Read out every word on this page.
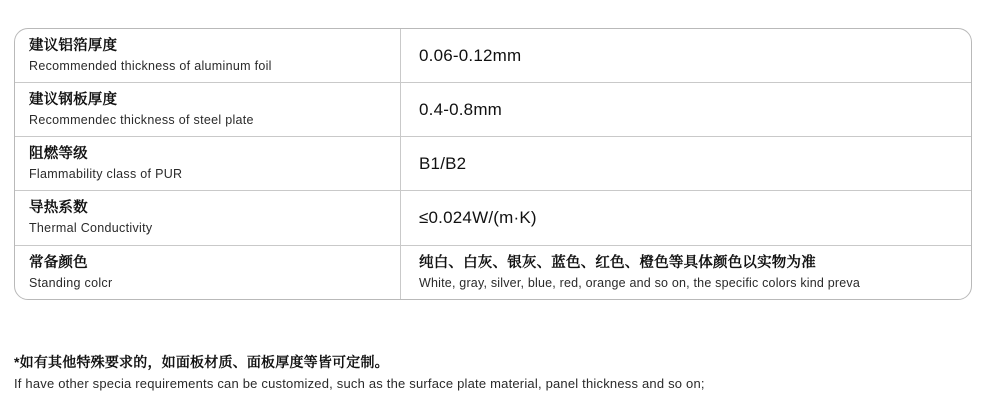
建议铝箔厚度
Recommended thickness of aluminum foil
0.06-0.12mm
建议钢板厚度
Recommendec thickness of steel plate
0.4-0.8mm
阻燃等级
Flammability class of PUR
B1/B2
导热系数
Thermal Conductivity
≤0.024W/(m·K)
常备颜色
Standing colcr
纯白、白灰、银灰、蓝色、红色、橙色等具体颜色以实物为准
White, gray, silver, blue, red, orange and so on, the specific colors kind preva
*如有其他特殊要求的，如面板材质、面板厚度等皆可定制。
If have other specia requirements can be customized, such as the surface plate material, panel thickness and so on;
